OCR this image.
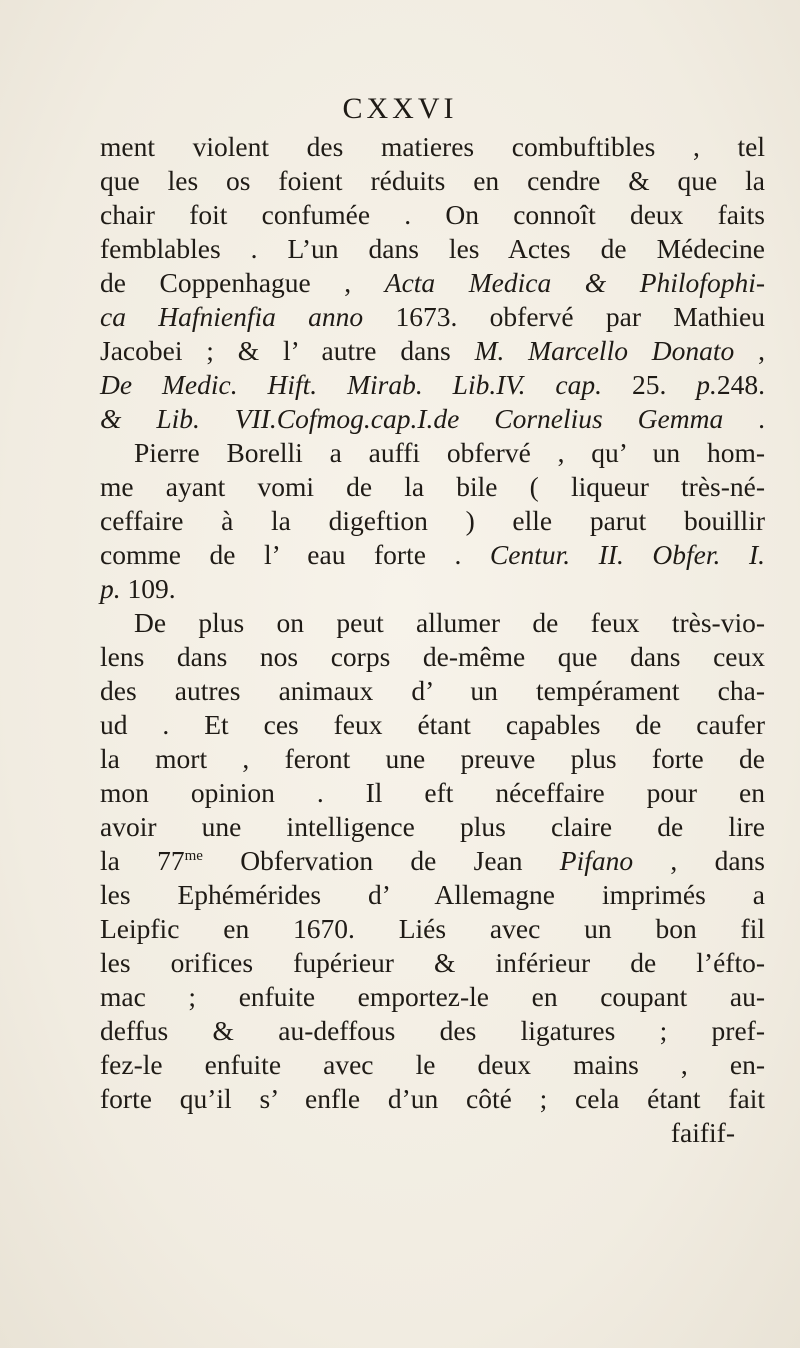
CXXVI
ment violent des matieres combuftibles , tel
que les os foient réduits en cendre & que la
chair foit confumée . On connoît deux faits
femblables . L’un dans les Actes de Médecine
de Coppenhague , Acta Medica & Philofophi-
ca Hafnienfia anno 1673. obfervé par Mathieu
Jacobei ; & l’ autre dans M. Marcello Donato ,
De Medic. Hift. Mirab. Lib.IV. cap. 25. p.248.
& Lib. VII.Cofmog.cap.I.de Cornelius Gemma .
Pierre Borelli a auffi obfervé , qu’ un hom-
me ayant vomi de la bile ( liqueur très-né-
ceffaire à la digeftion ) elle parut bouillir
comme de l’ eau forte . Centur. II. Obfer. I.
p. 109.
De plus on peut allumer de feux très-vio-
lens dans nos corps de-même que dans ceux
des autres animaux d’ un tempérament cha-
ud . Et ces feux étant capables de caufer
la mort , feront une preuve plus forte de
mon opinion . Il eft néceffaire pour en
avoir une intelligence plus claire de lire
la $77^{me}$ Obfervation de Jean Pifano , dans
les Ephémérides d’ Allemagne imprimés a
Leipfic en 1670. Liés avec un bon fil
les orifices fupérieur & inférieur de l’éfto-
mac ; enfuite emportez-le en coupant au-
deffus & au-deffous des ligatures ; pref-
fez-le enfuite avec le deux mains , en-
forte qu’il s’ enfle d’un côté ; cela étant fait
faifif-
